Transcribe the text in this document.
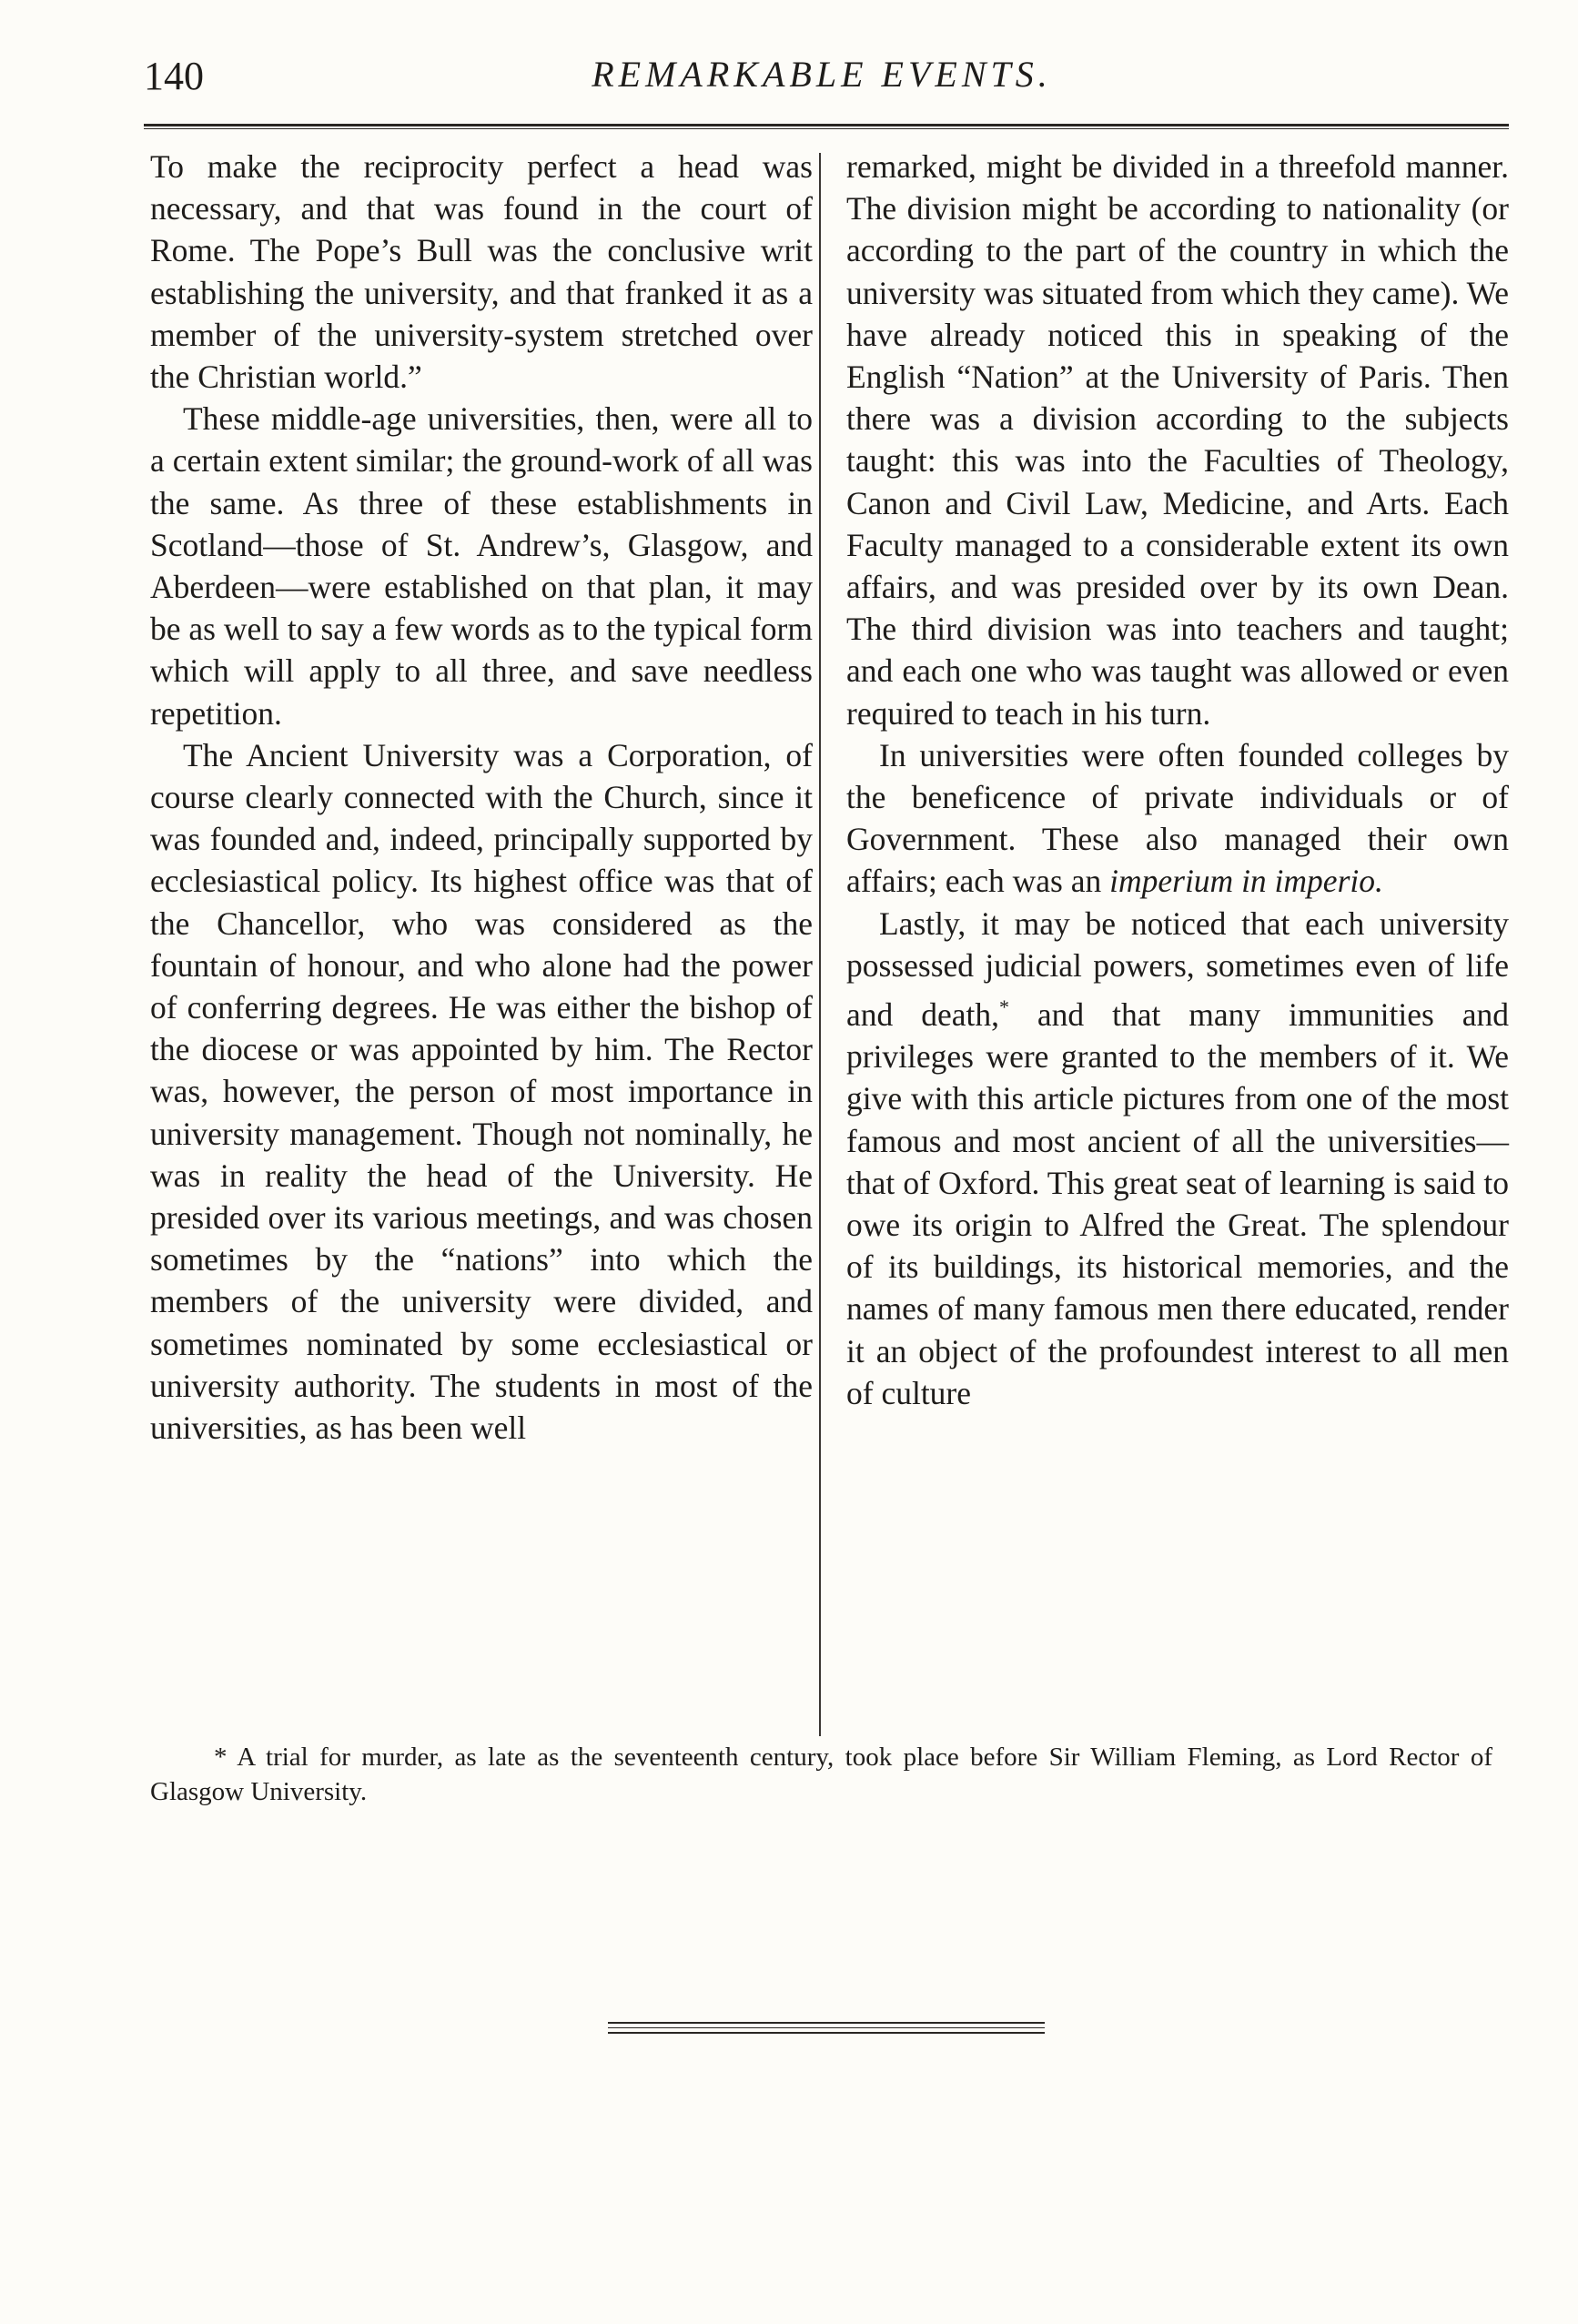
140	REMARKABLE EVENTS.

To make the reciprocity perfect a head was necessary, and that was found in the court of Rome. The Pope’s Bull was the conclusive writ establishing the university, and that franked it as a member of the university-system stretched over the Christian world.”

These middle-age universities, then, were all to a certain extent similar; the ground-work of all was the same. As three of these establishments in Scotland—those of St. Andrew’s, Glasgow, and Aberdeen—were established on that plan, it may be as well to say a few words as to the typical form which will apply to all three, and save needless repetition.

The Ancient University was a Corporation, of course clearly connected with the Church, since it was founded and, indeed, principally supported by ecclesiastical policy. Its highest office was that of the Chancellor, who was considered as the fountain of honour, and who alone had the power of conferring degrees. He was either the bishop of the diocese or was appointed by him. The Rector was, however, the person of most importance in university management. Though not nominally, he was in reality the head of the University. He presided over its various meetings, and was chosen sometimes by the “nations” into which the members of the university were divided, and sometimes nominated by some ecclesiastical or university authority. The students in most of the universities, as has been well

remarked, might be divided in a threefold manner. The division might be according to nationality (or according to the part of the country in which the university was situated from which they came). We have already noticed this in speaking of the English “Nation” at the University of Paris. Then there was a division according to the subjects taught: this was into the Faculties of Theology, Canon and Civil Law, Medicine, and Arts. Each Faculty managed to a considerable extent its own affairs, and was presided over by its own Dean. The third division was into teachers and taught; and each one who was taught was allowed or even required to teach in his turn.

In universities were often founded colleges by the beneficence of private individuals or of Government. These also managed their own affairs; each was an imperium in imperio.

Lastly, it may be noticed that each university possessed judicial powers, sometimes even of life and death,* and that many immunities and privileges were granted to the members of it. We give with this article pictures from one of the most famous and most ancient of all the universities—that of Oxford. This great seat of learning is said to owe its origin to Alfred the Great. The splendour of its buildings, its historical memories, and the names of many famous men there educated, render it an object of the profoundest interest to all men of culture

* A trial for murder, as late as the seventeenth century, took place before Sir William Fleming, as Lord Rector of Glasgow University.
